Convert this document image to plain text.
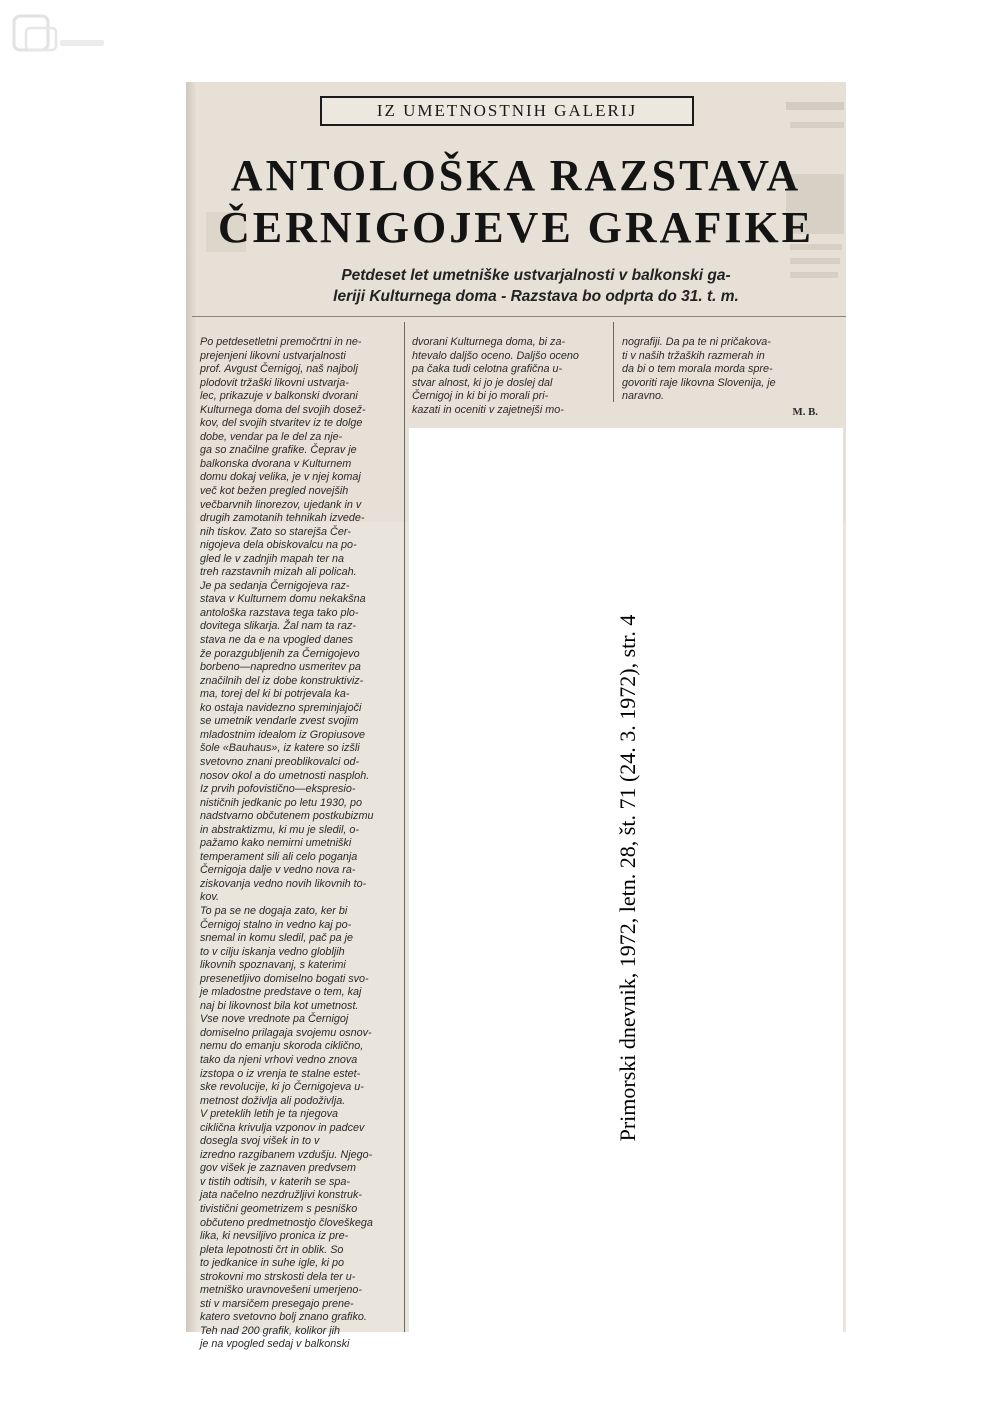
IZ UMETNOSTNIH GALERIJ
ANTOLOŠKA RAZSTAVA
ČERNIGOJEVE GRAFIKE
Petdeset let umetniške ustvarjalnosti v balkonski ga-
leriji Kulturnega doma - Razstava bo odprta do 31. t. m.
Po petdesetletni premočrtni in ne-
prejenjeni likovni ustvarjalnosti
prof. Avgust Černigoj, naš najbolj
plodovit tržaški likovni ustvarja-
lec, prikazuje v balkonski dvorani
Kulturnega doma del svojih dosež-
kov, del svojih stvaritev iz te dolge
dobe, vendar pa le del za nje-
ga so značilne grafike. Čeprav je
balkonska dvorana v Kulturnem
domu dokaj velika, je v njej komaj
več kot bežen pregled novejših
večbarvnih linorezov, ujedank in v
drugih zamotanih tehnikah izvede-
nih tiskov. Zato so starejša Čer-
nigojeva dela obiskovalcu na po-
gled le v zadnjih mapah ter na
treh razstavnih mizah ali policah.
Je pa sedanja Černigojeva raz-
stava v Kulturnem domu nekakšna
antološka razstava tega tako plo-
dovitega slikarja. Žal nam ta raz-
stava ne da e na vpogled danes
že porazgubljenih za Černigojevo
borbeno—napredno usmeritev pa
značilnih del iz dobe konstruktiviz-
ma, torej del ki bi potrjevala ka-
ko ostaja navidezno spreminjajoči
se umetnik vendarle zvest svojim
mladostnim idealom iz Gropiusove
šole «Bauhaus», iz katere so izšli
svetovno znani preoblikovalci od-
nosov okol a do umetnosti nasploh.
Iz prvih pofovistično—ekspresio-
nističnih jedkanic po letu 1930, po
nadstvarno občutenem postkubizmu
in abstraktizmu, ki mu je sledil, o-
pažamo kako nemirni umetniški
temperament sili ali celo poganja
Černigoja dalje v vedno nova ra-
ziskovanja vedno novih likovnih to-
kov.
To pa se ne dogaja zato, ker bi
Černigoj stalno in vedno kaj po-
snemal in komu sledil, pač pa je
to v cilju iskanja vedno globljih
likovnih spoznavanj, s katerimi
presenetljivo domiselno bogati svo-
je mladostne predstave o tem, kaj
naj bi likovnost bila kot umetnost.
Vse nove vrednote pa Černigoj
domiselno prilagaja svojemu osnov-
nemu do emanju skoroda ciklično,
tako da njeni vrhovi vedno znova
izstopa o iz vrenja te stalne estet-
ske revolucije, ki jo Černigojeva u-
metnost doživlja ali podoživlja.
V preteklih letih je ta njegova
ciklična krivulja vzponov in padcev
dosegla svoj višek in to v
izredno razgibanem vzdušju. Njego-
gov višek je zaznaven predvsem
v tistih odtisih, v katerih se spa-
jata načelno nezdružljivi konstruk-
tivistični geometrizem s pesniško
občuteno predmetnostjo človeškega
lika, ki nevsiljivo pronica iz pre-
pleta lepotnosti črt in oblik. So
to jedkanice in suhe igle, ki po
strokovni mo strskosti dela ter u-
metniško uravnovešeni umerjeno-
sti v marsičem presegajo prene-
katero svetovno bolj znano grafiko.
Teh nad 200 grafik, kolikor jih
je na vpogled sedaj v balkonski
dvorani Kulturnega doma, bi za-
htevalo daljšo oceno. Daljšo oceno
pa čaka tudi celotna grafična u-
stvar alnost, ki jo je doslej dal
Černigoj in ki bi jo morali pri-
kazati in oceniti v zajetnejši mo-
nografiji. Da pa te ni pričakova-
ti v naših tržaških razmerah in
da bi o tem morala morda spre-
govoriti raje likovna Slovenija, je
naravno.
M. B.
Primorski dnevnik, 1972, letn. 28, št. 71 (24. 3. 1972), str. 4
